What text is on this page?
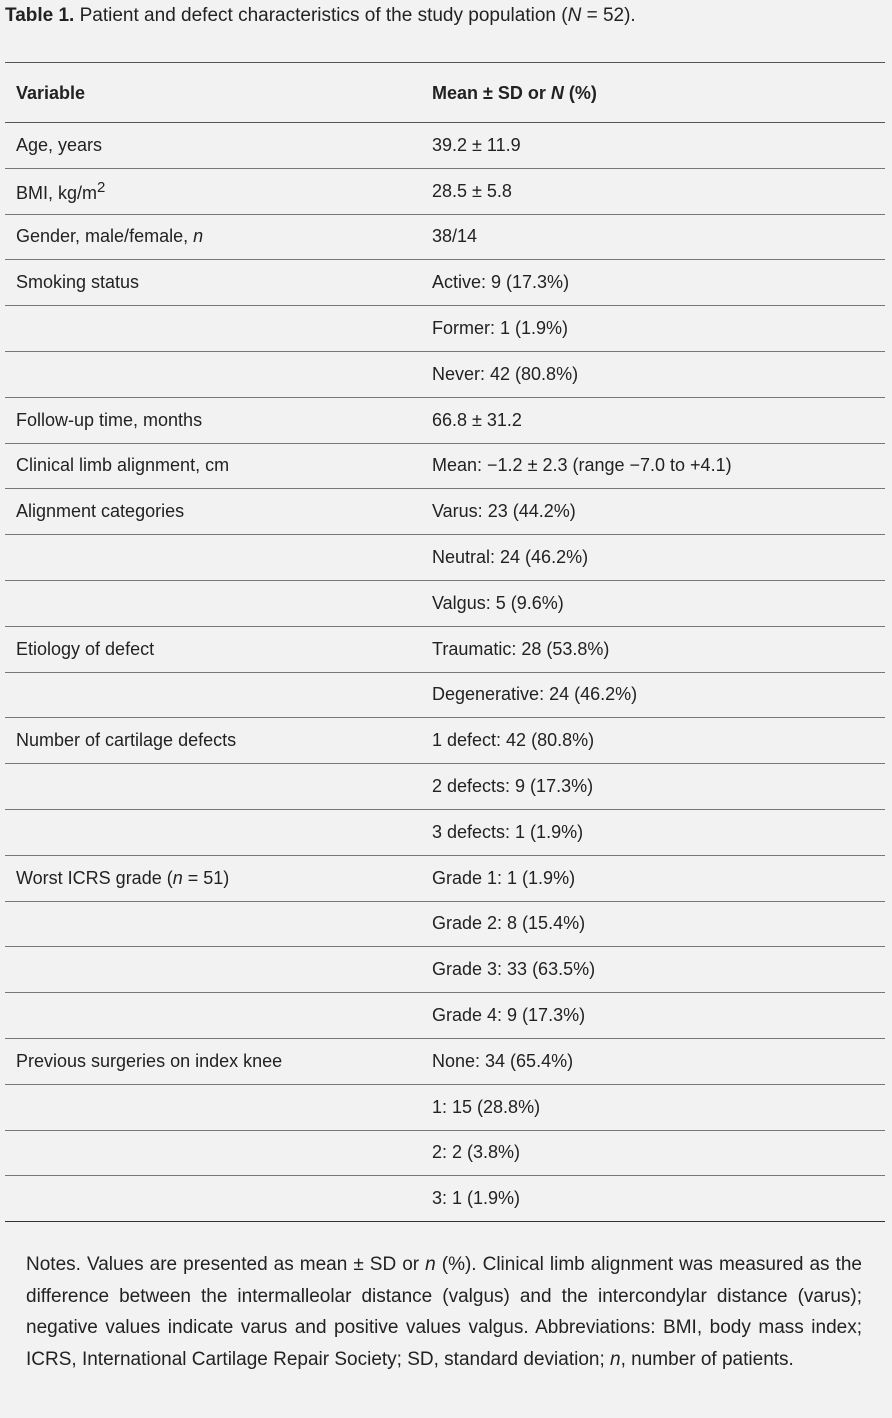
Table 1. Patient and defect characteristics of the study population (N = 52).
Variable	Mean ± SD or N (%)
Age, years	39.2 ± 11.9
BMI, $kg/m^2$	28.5 ± 5.8
Gender, male/female, n	38/14
Smoking status	Active: 9 (17.3%)
	Former: 1 (1.9%)
	Never: 42 (80.8%)
Follow-up time, months	66.8 ± 31.2
Clinical limb alignment, cm	Mean: −1.2 ± 2.3 (range −7.0 to +4.1)
Alignment categories	Varus: 23 (44.2%)
	Neutral: 24 (46.2%)
	Valgus: 5 (9.6%)
Etiology of defect	Traumatic: 28 (53.8%)
	Degenerative: 24 (46.2%)
Number of cartilage defects	1 defect: 42 (80.8%)
	2 defects: 9 (17.3%)
	3 defects: 1 (1.9%)
Worst ICRS grade (n = 51)	Grade 1: 1 (1.9%)
	Grade 2: 8 (15.4%)
	Grade 3: 33 (63.5%)
	Grade 4: 9 (17.3%)
Previous surgeries on index knee	None: 34 (65.4%)
	1: 15 (28.8%)
	2: 2 (3.8%)
	3: 1 (1.9%)
Notes. Values are presented as mean ± SD or n (%). Clinical limb alignment was measured as the difference between the intermalleolar distance (valgus) and the intercondylar distance (varus); negative values indicate varus and positive values valgus. Abbreviations: BMI, body mass index; ICRS, International Cartilage Repair Society; SD, standard deviation; n, number of patients.
